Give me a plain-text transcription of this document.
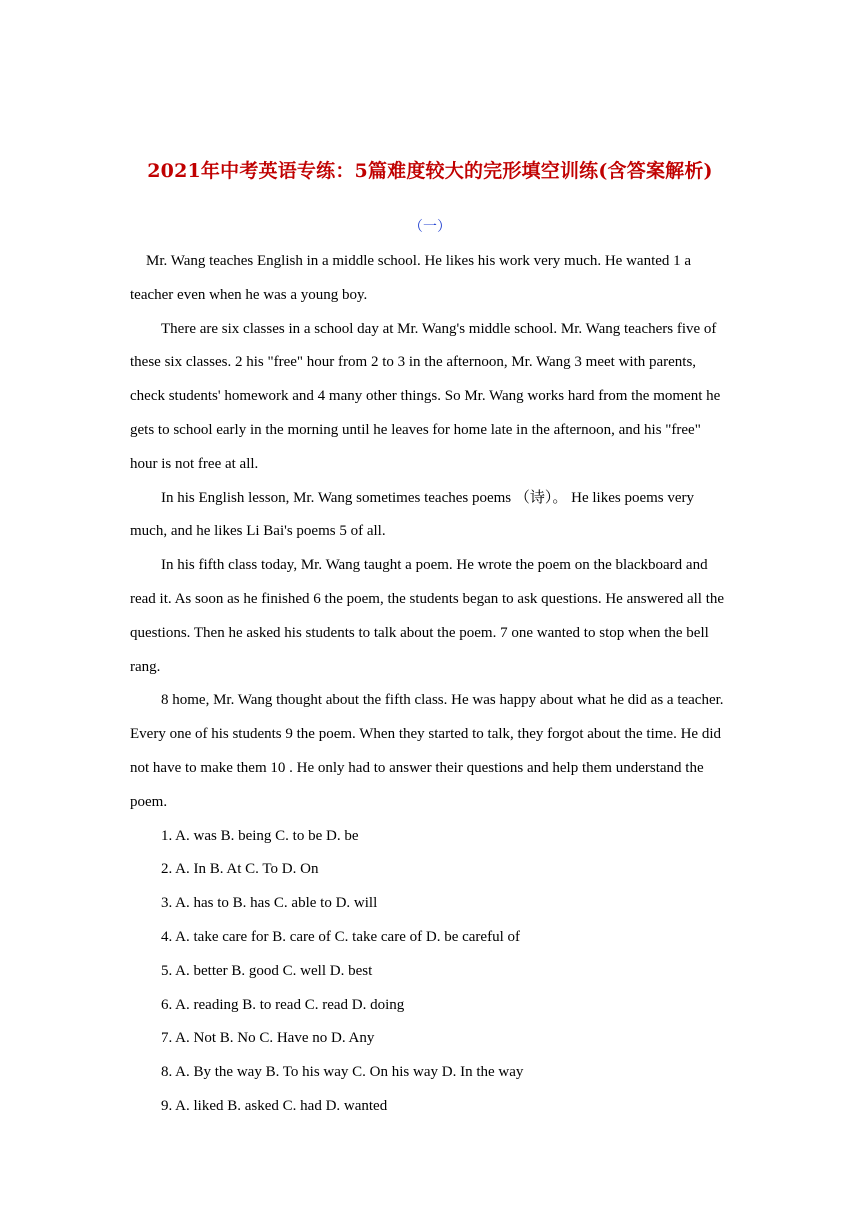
2021年中考英语专练：5篇难度较大的完形填空训练(含答案解析)
（一）

Mr. Wang teaches English in a middle school. He likes his work very much. He wanted 1 a teacher even when he was a young boy.

There are six classes in a school day at Mr. Wang's middle school. Mr. Wang teachers five of these six classes. 2 his "free" hour from 2 to 3 in the afternoon, Mr. Wang 3 meet with parents, check students' homework and 4 many other things. So Mr. Wang works hard from the moment he gets to school early in the morning until he leaves for home late in the afternoon, and his "free" hour is not free at all.

In his English lesson, Mr. Wang sometimes teaches poems （诗）。 He likes poems very much, and he likes Li Bai's poems 5 of all.

In his fifth class today, Mr. Wang taught a poem. He wrote the poem on the blackboard and read it. As soon as he finished 6 the poem, the students began to ask questions. He answered all the questions. Then he asked his students to talk about the poem. 7 one wanted to stop when the bell rang.

8 home, Mr. Wang thought about the fifth class. He was happy about what he did as a teacher. Every one of his students 9 the poem. When they started to talk, they forgot about the time. He did not have to make them 10 . He only had to answer their questions and help them understand the poem.

1. A. was B. being C. to be D. be

2. A. In B. At C. To D. On

3. A. has to B. has C. able to D. will

4. A. take care for B. care of C. take care of D. be careful of

5. A. better B. good C. well D. best

6. A. reading B. to read C. read D. doing

7. A. Not B. No C. Have no D. Any

8. A. By the way B. To his way C. On his way D. In the way

9. A. liked B. asked C. had D. wanted
